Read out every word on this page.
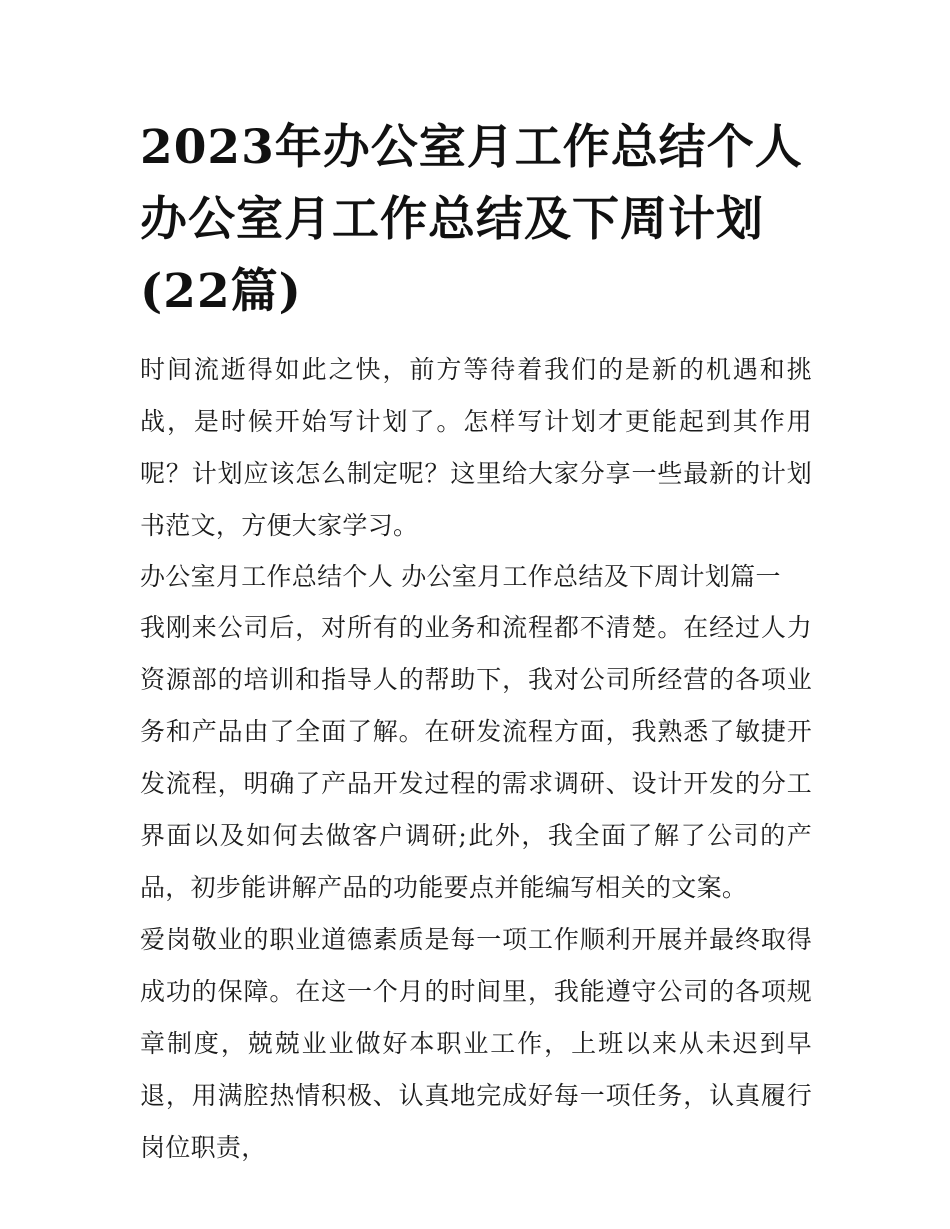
2023年办公室月工作总结个人 办公室月工作总结及下周计划(22篇)

时间流逝得如此之快，前方等待着我们的是新的机遇和挑战，是时候开始写计划了。怎样写计划才更能起到其作用呢？计划应该怎么制定呢？这里给大家分享一些最新的计划书范文，方便大家学习。

办公室月工作总结个人 办公室月工作总结及下周计划篇一

我刚来公司后，对所有的业务和流程都不清楚。在经过人力资源部的培训和指导人的帮助下，我对公司所经营的各项业务和产品由了全面了解。在研发流程方面，我熟悉了敏捷开发流程，明确了产品开发过程的需求调研、设计开发的分工界面以及如何去做客户调研;此外，我全面了解了公司的产品，初步能讲解产品的功能要点并能编写相关的文案。

爱岗敬业的职业道德素质是每一项工作顺利开展并最终取得成功的保障。在这一个月的时间里，我能遵守公司的各项规章制度，兢兢业业做好本职业工作，上班以来从未迟到早退，用满腔热情积极、认真地完成好每一项任务，认真履行岗位职责，
